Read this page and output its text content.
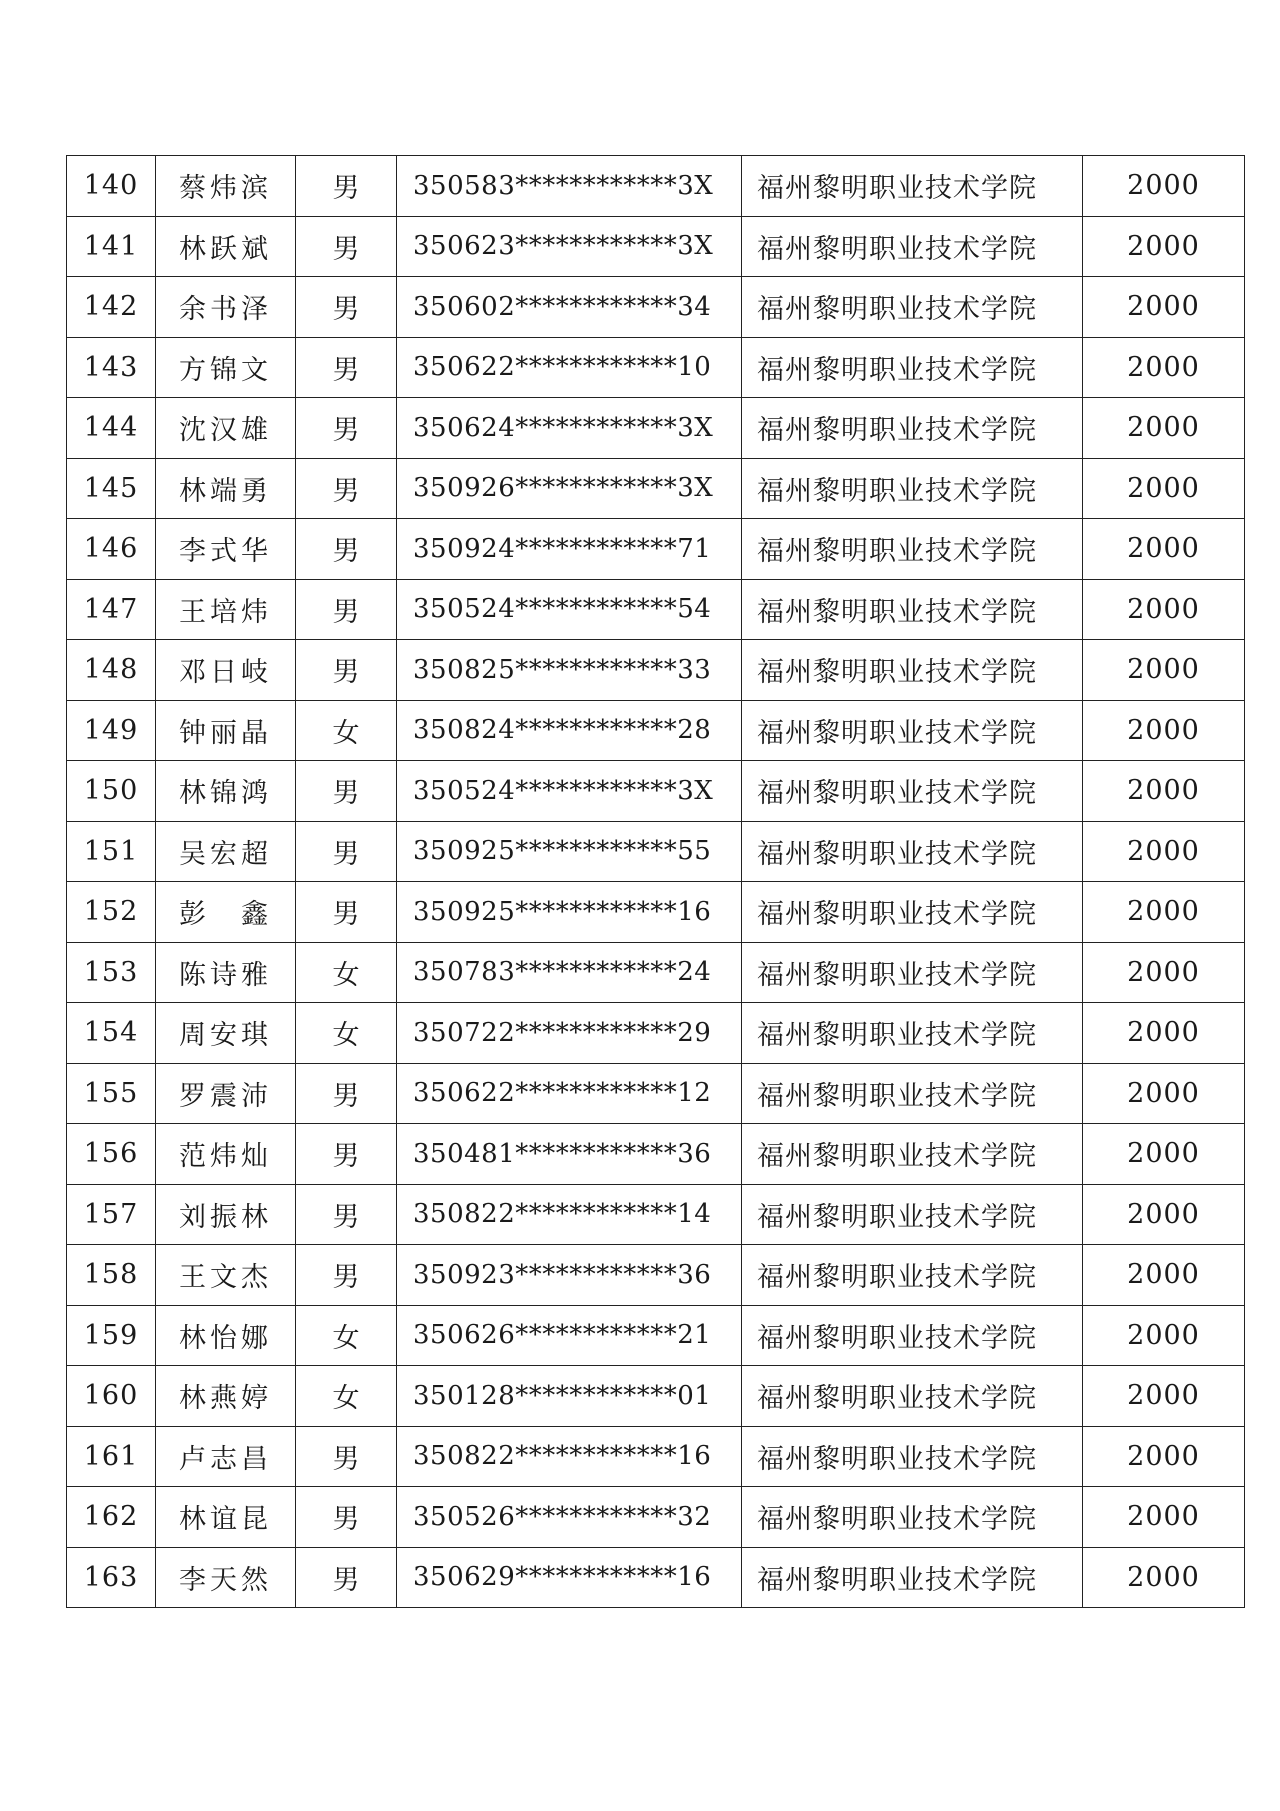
140	蔡炜滨	男	350583************3X	福州黎明职业技术学院	2000
141	林跃斌	男	350623************3X	福州黎明职业技术学院	2000
142	余书泽	男	350602************34	福州黎明职业技术学院	2000
143	方锦文	男	350622************10	福州黎明职业技术学院	2000
144	沈汉雄	男	350624************3X	福州黎明职业技术学院	2000
145	林端勇	男	350926************3X	福州黎明职业技术学院	2000
146	李式华	男	350924************71	福州黎明职业技术学院	2000
147	王培炜	男	350524************54	福州黎明职业技术学院	2000
148	邓日岐	男	350825************33	福州黎明职业技术学院	2000
149	钟丽晶	女	350824************28	福州黎明职业技术学院	2000
150	林锦鸿	男	350524************3X	福州黎明职业技术学院	2000
151	吴宏超	男	350925************55	福州黎明职业技术学院	2000
152	彭　鑫	男	350925************16	福州黎明职业技术学院	2000
153	陈诗雅	女	350783************24	福州黎明职业技术学院	2000
154	周安琪	女	350722************29	福州黎明职业技术学院	2000
155	罗震沛	男	350622************12	福州黎明职业技术学院	2000
156	范炜灿	男	350481************36	福州黎明职业技术学院	2000
157	刘振林	男	350822************14	福州黎明职业技术学院	2000
158	王文杰	男	350923************36	福州黎明职业技术学院	2000
159	林怡娜	女	350626************21	福州黎明职业技术学院	2000
160	林燕婷	女	350128************01	福州黎明职业技术学院	2000
161	卢志昌	男	350822************16	福州黎明职业技术学院	2000
162	林谊昆	男	350526************32	福州黎明职业技术学院	2000
163	李天然	男	350629************16	福州黎明职业技术学院	2000
